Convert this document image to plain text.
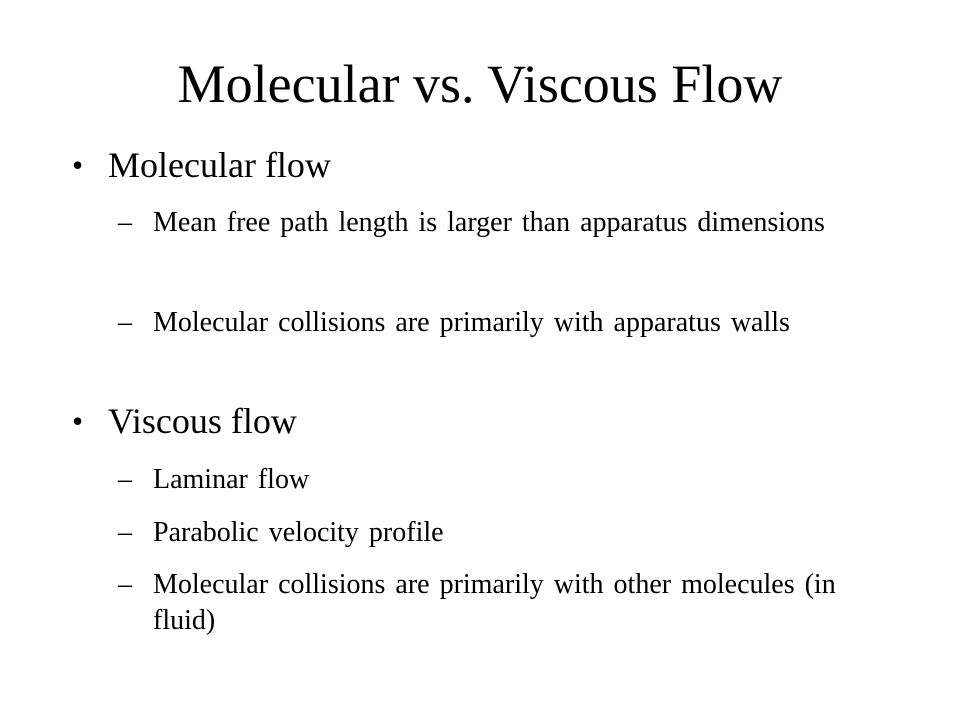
Molecular vs. Viscous Flow
• Molecular flow
– Mean free path length is larger than apparatus dimensions
– Molecular collisions are primarily with apparatus walls
• Viscous flow
– Laminar flow
– Parabolic velocity profile
– Molecular collisions are primarily with other molecules (in fluid)
